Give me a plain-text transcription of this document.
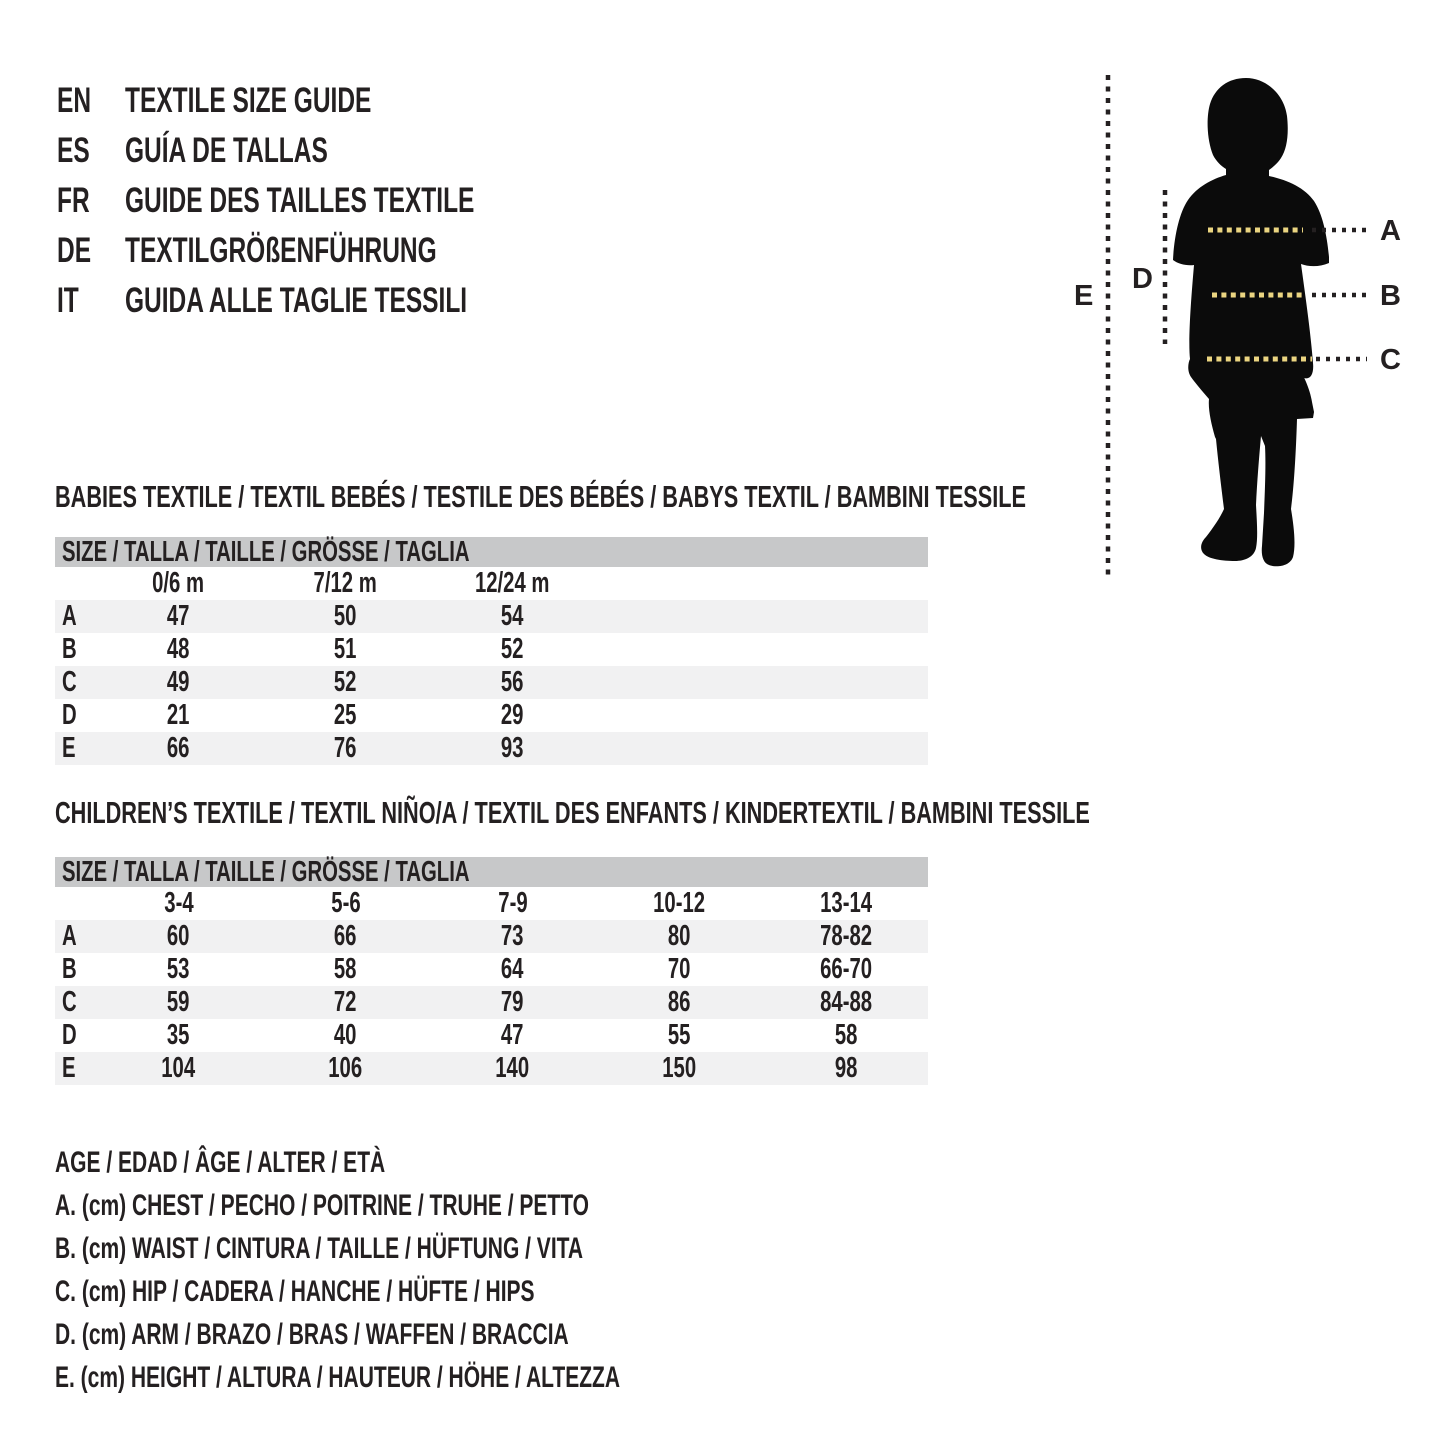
EN TEXTILE SIZE GUIDE
ES	GUÍA DE TALLAS
FR	GUIDE DES TAILLES TEXTILE
DE TEXTILGRÖßENFÜHRUNG
IT	GUIDA ALLE TAGLIE TESSILI
A
B
C
D
E
BABIES TEXTILE / TEXTIL BEBÉS / TESTILE DES BÉBÉS / BABYS TEXTIL / BAMBINI TESSILE
SIZE / TALLA / TAILLE / GRÖSSE / TAGLIA
0/6 m	7/12 m	12/24 m
A	47	50	54
B	48	51	52
C	49	52	56
D	21	25	29
E	66	76	93
CHILDREN’S TEXTILE / TEXTIL NIÑO/A / TEXTIL DES ENFANTS / KINDERTEXTIL / BAMBINI TESSILE
SIZE / TALLA / TAILLE / GRÖSSE / TAGLIA
3-4	5-6	7-9	10-12	13-14
A	60	66	73	80	78-82
B	53	58	64	70	66-70
C	59	72	79	86	84-88
D	35	40	47	55	58
E	104	106	140	150	98
AGE / EDAD / ÂGE / ALTER / ETÀ
A. (cm) CHEST / PECHO / POITRINE / TRUHE / PETTO
B. (cm) WAIST / CINTURA / TAILLE / HÜFTUNG / VITA
C. (cm) HIP / CADERA / HANCHE / HÜFTE / HIPS
D. (cm) ARM / BRAZO / BRAS / WAFFEN / BRACCIA
E. (cm) HEIGHT / ALTURA / HAUTEUR / HÖHE / ALTEZZA
